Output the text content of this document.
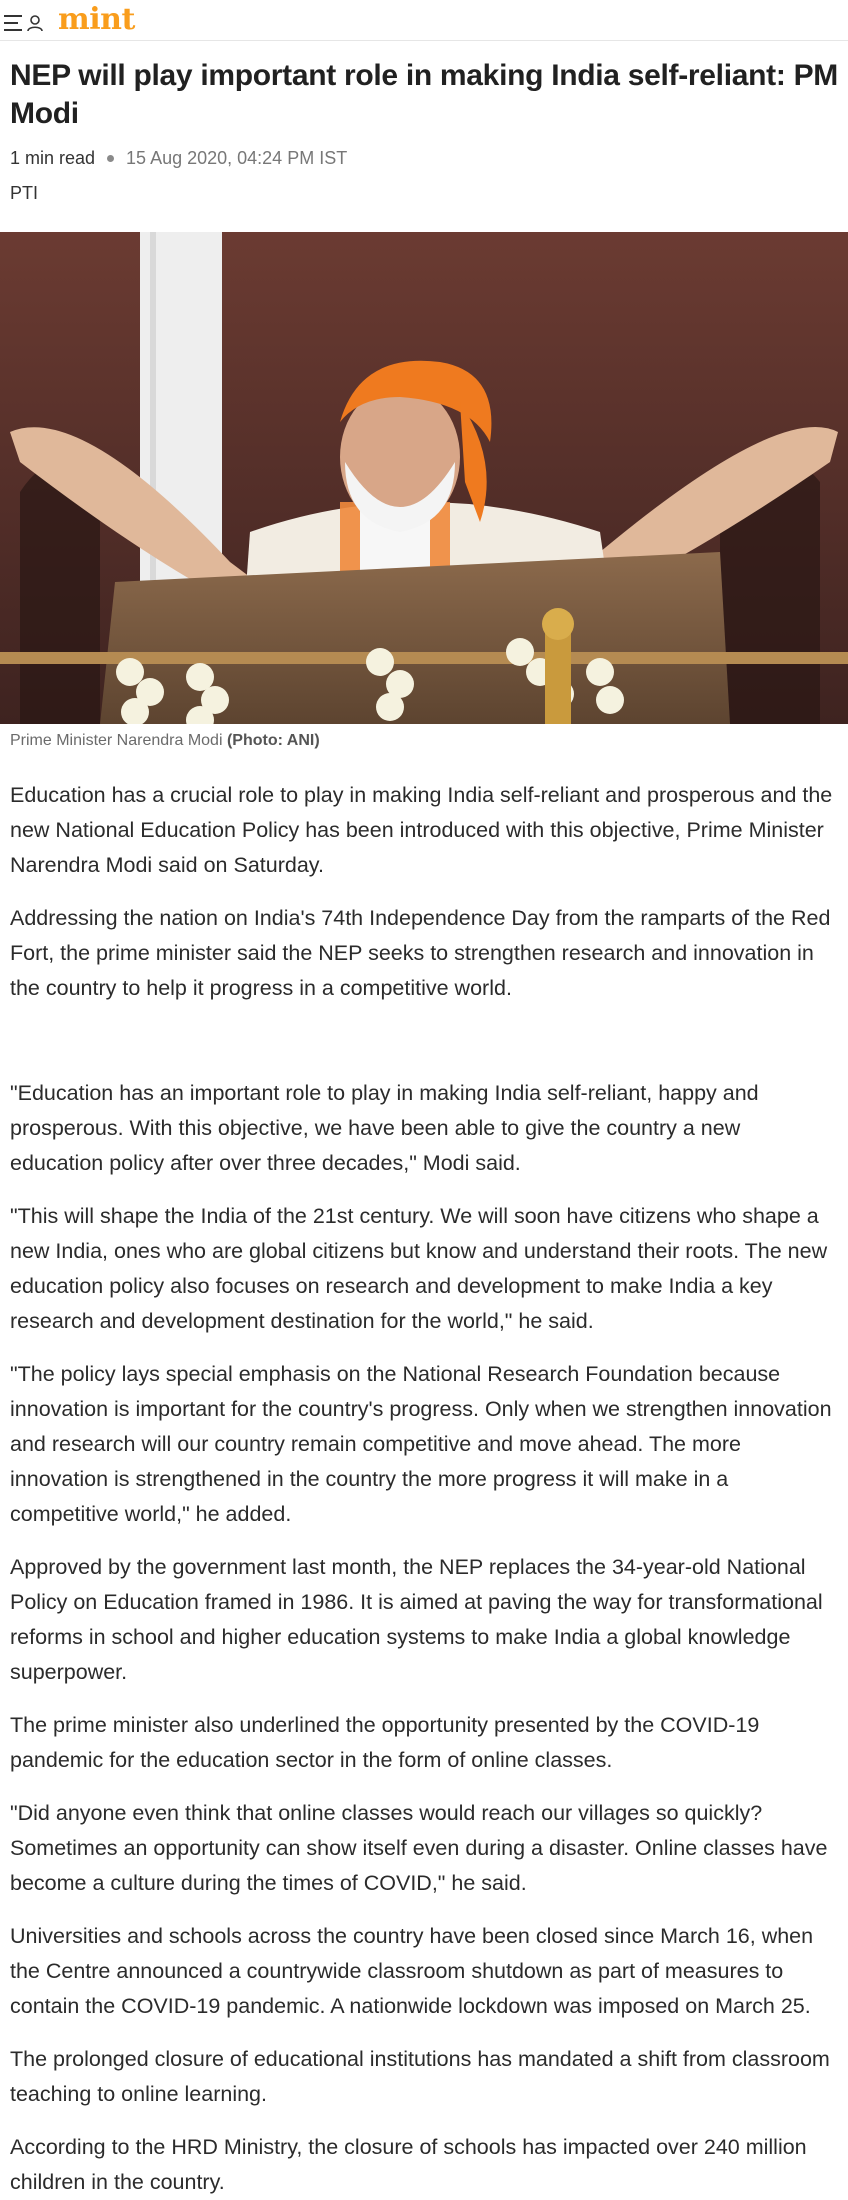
mint
NEP will play important role in making India self-reliant: PM Modi
1 min read 15 Aug 2020, 04:24 PM IST
PTI
Prime Minister Narendra Modi (Photo: ANI)

Education has a crucial role to play in making India self-reliant and prosperous and the new National Education Policy has been introduced with this objective, Prime Minister Narendra Modi said on Saturday.

Addressing the nation on India's 74th Independence Day from the ramparts of the Red Fort, the prime minister said the NEP seeks to strengthen research and innovation in the country to help it progress in a competitive world.

"Education has an important role to play in making India self-reliant, happy and prosperous. With this objective, we have been able to give the country a new education policy after over three decades," Modi said.

"This will shape the India of the 21st century. We will soon have citizens who shape a new India, ones who are global citizens but know and understand their roots. The new education policy also focuses on research and development to make India a key research and development destination for the world," he said.

"The policy lays special emphasis on the National Research Foundation because innovation is important for the country's progress. Only when we strengthen innovation and research will our country remain competitive and move ahead. The more innovation is strengthened in the country the more progress it will make in a competitive world," he added.

Approved by the government last month, the NEP replaces the 34-year-old National Policy on Education framed in 1986. It is aimed at paving the way for transformational reforms in school and higher education systems to make India a global knowledge superpower.

The prime minister also underlined the opportunity presented by the COVID-19 pandemic for the education sector in the form of online classes.

"Did anyone even think that online classes would reach our villages so quickly? Sometimes an opportunity can show itself even during a disaster. Online classes have become a culture during the times of COVID," he said.

Universities and schools across the country have been closed since March 16, when the Centre announced a countrywide classroom shutdown as part of measures to contain the COVID-19 pandemic. A nationwide lockdown was imposed on March 25.

The prolonged closure of educational institutions has mandated a shift from classroom teaching to online learning.

According to the HRD Ministry, the closure of schools has impacted over 240 million children in the country.
